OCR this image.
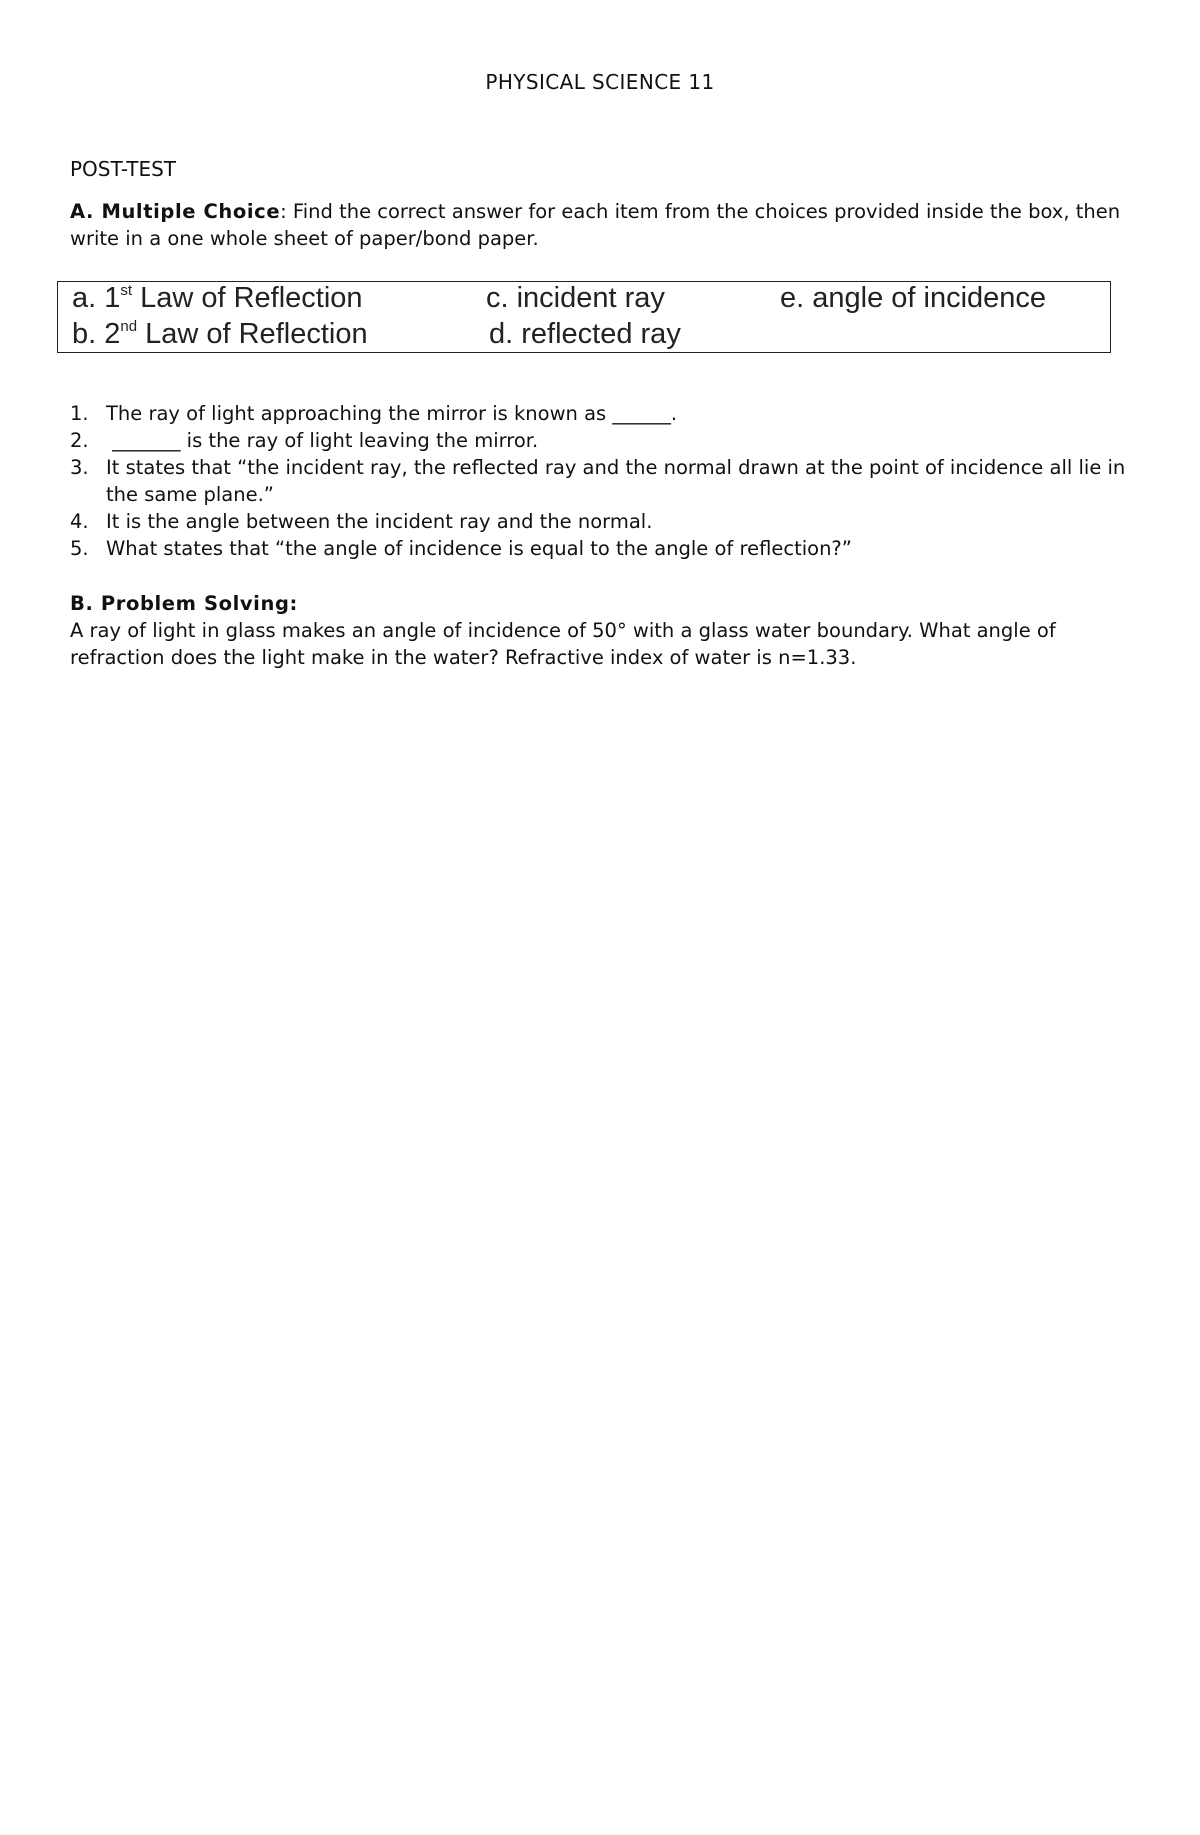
PHYSICAL SCIENCE 11
POST-TEST
A. Multiple Choice: Find the correct answer for each item from the choices provided inside the box, then write in a one whole sheet of paper/bond paper.
a. 1st Law of Reflection
b. 2nd Law of Reflection
c. incident ray
d. reflected ray
e. angle of incidence
1. The ray of light approaching the mirror is known as ______.
2. _______ is the ray of light leaving the mirror.
3. It states that “the incident ray, the reflected ray and the normal drawn at the point of incidence all lie in the same plane.”
4. It is the angle between the incident ray and the normal.
5. What states that “the angle of incidence is equal to the angle of reflection?”
B. Problem Solving:
A ray of light in glass makes an angle of incidence of 50° with a glass water boundary. What angle of refraction does the light make in the water? Refractive index of water is n=1.33.
